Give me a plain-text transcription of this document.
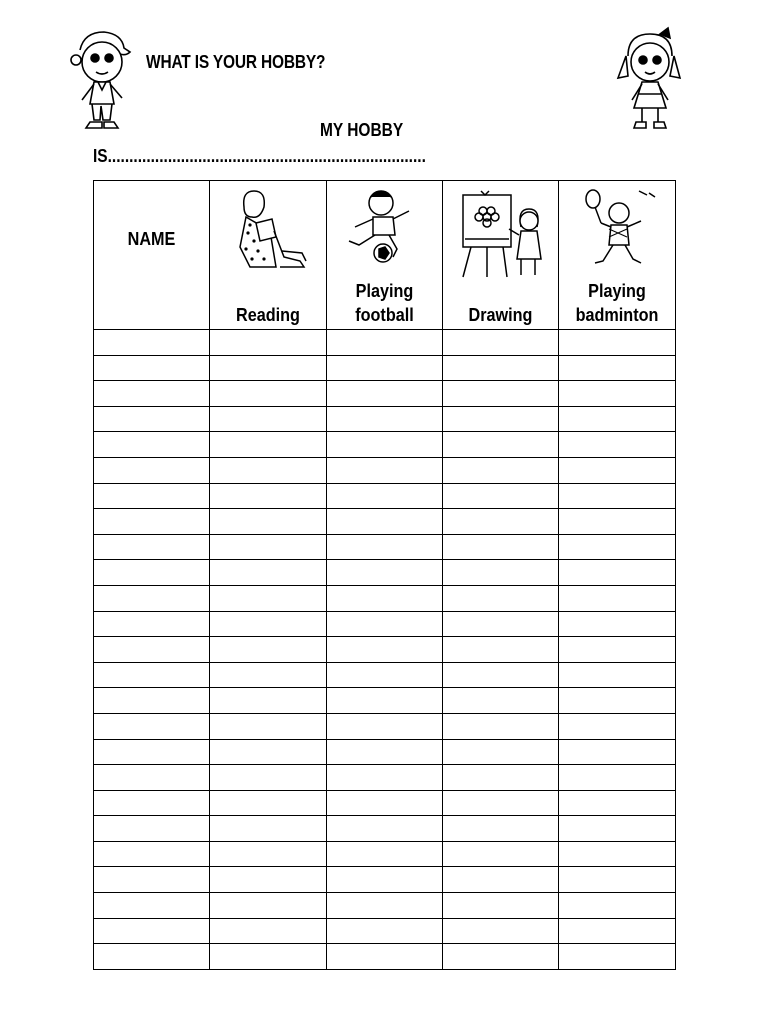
WHAT IS YOUR HOBBY?
MY HOBBY
IS..........................................................................
NAME	Reading	Playing football	Drawing	Playing badminton
